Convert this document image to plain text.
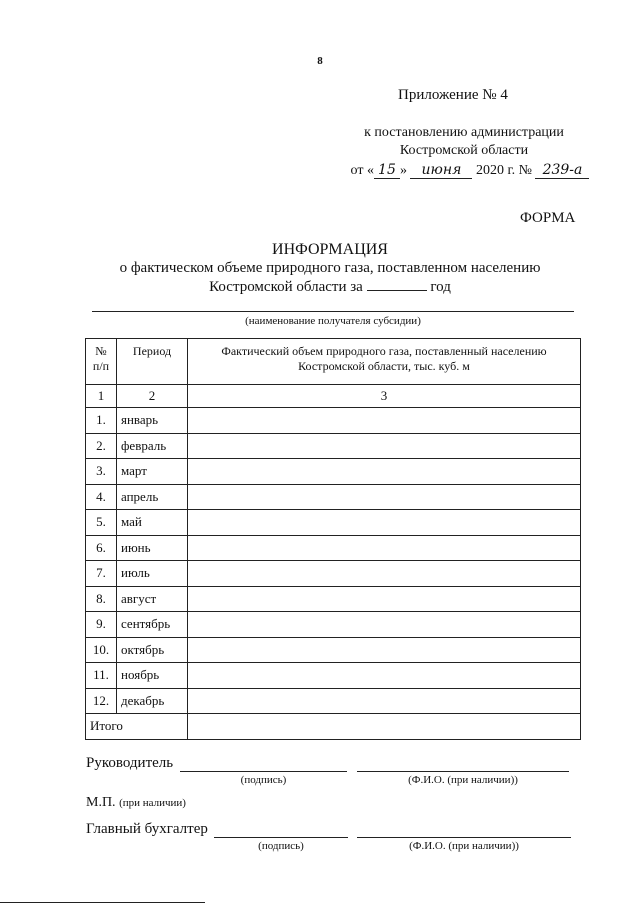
8
Приложение № 4
к постановлению администрации
Костромской области
от « 15 » июня 2020 г. № 239-а
ФОРМА
ИНФОРМАЦИЯ
о фактическом объеме природного газа, поставленном населению
Костромской области за	год
(наименование получателя субсидии)
№ п/п	Период	Фактический объем природного газа, поставленный населению Костромской области, тыс. куб. м
1	2	3
1.	январь	
2.	февраль	
3.	март	
4.	апрель	
5.	май	
6.	июнь	
7.	июль	
8.	август	
9.	сентябрь	
10.	октябрь	
11.	ноябрь	
12.	декабрь	
Итого		
Руководитель
(подпись)	(Ф.И.О. (при наличии))
М.П. (при наличии)
Главный бухгалтер
(подпись)	(Ф.И.О. (при наличии))
